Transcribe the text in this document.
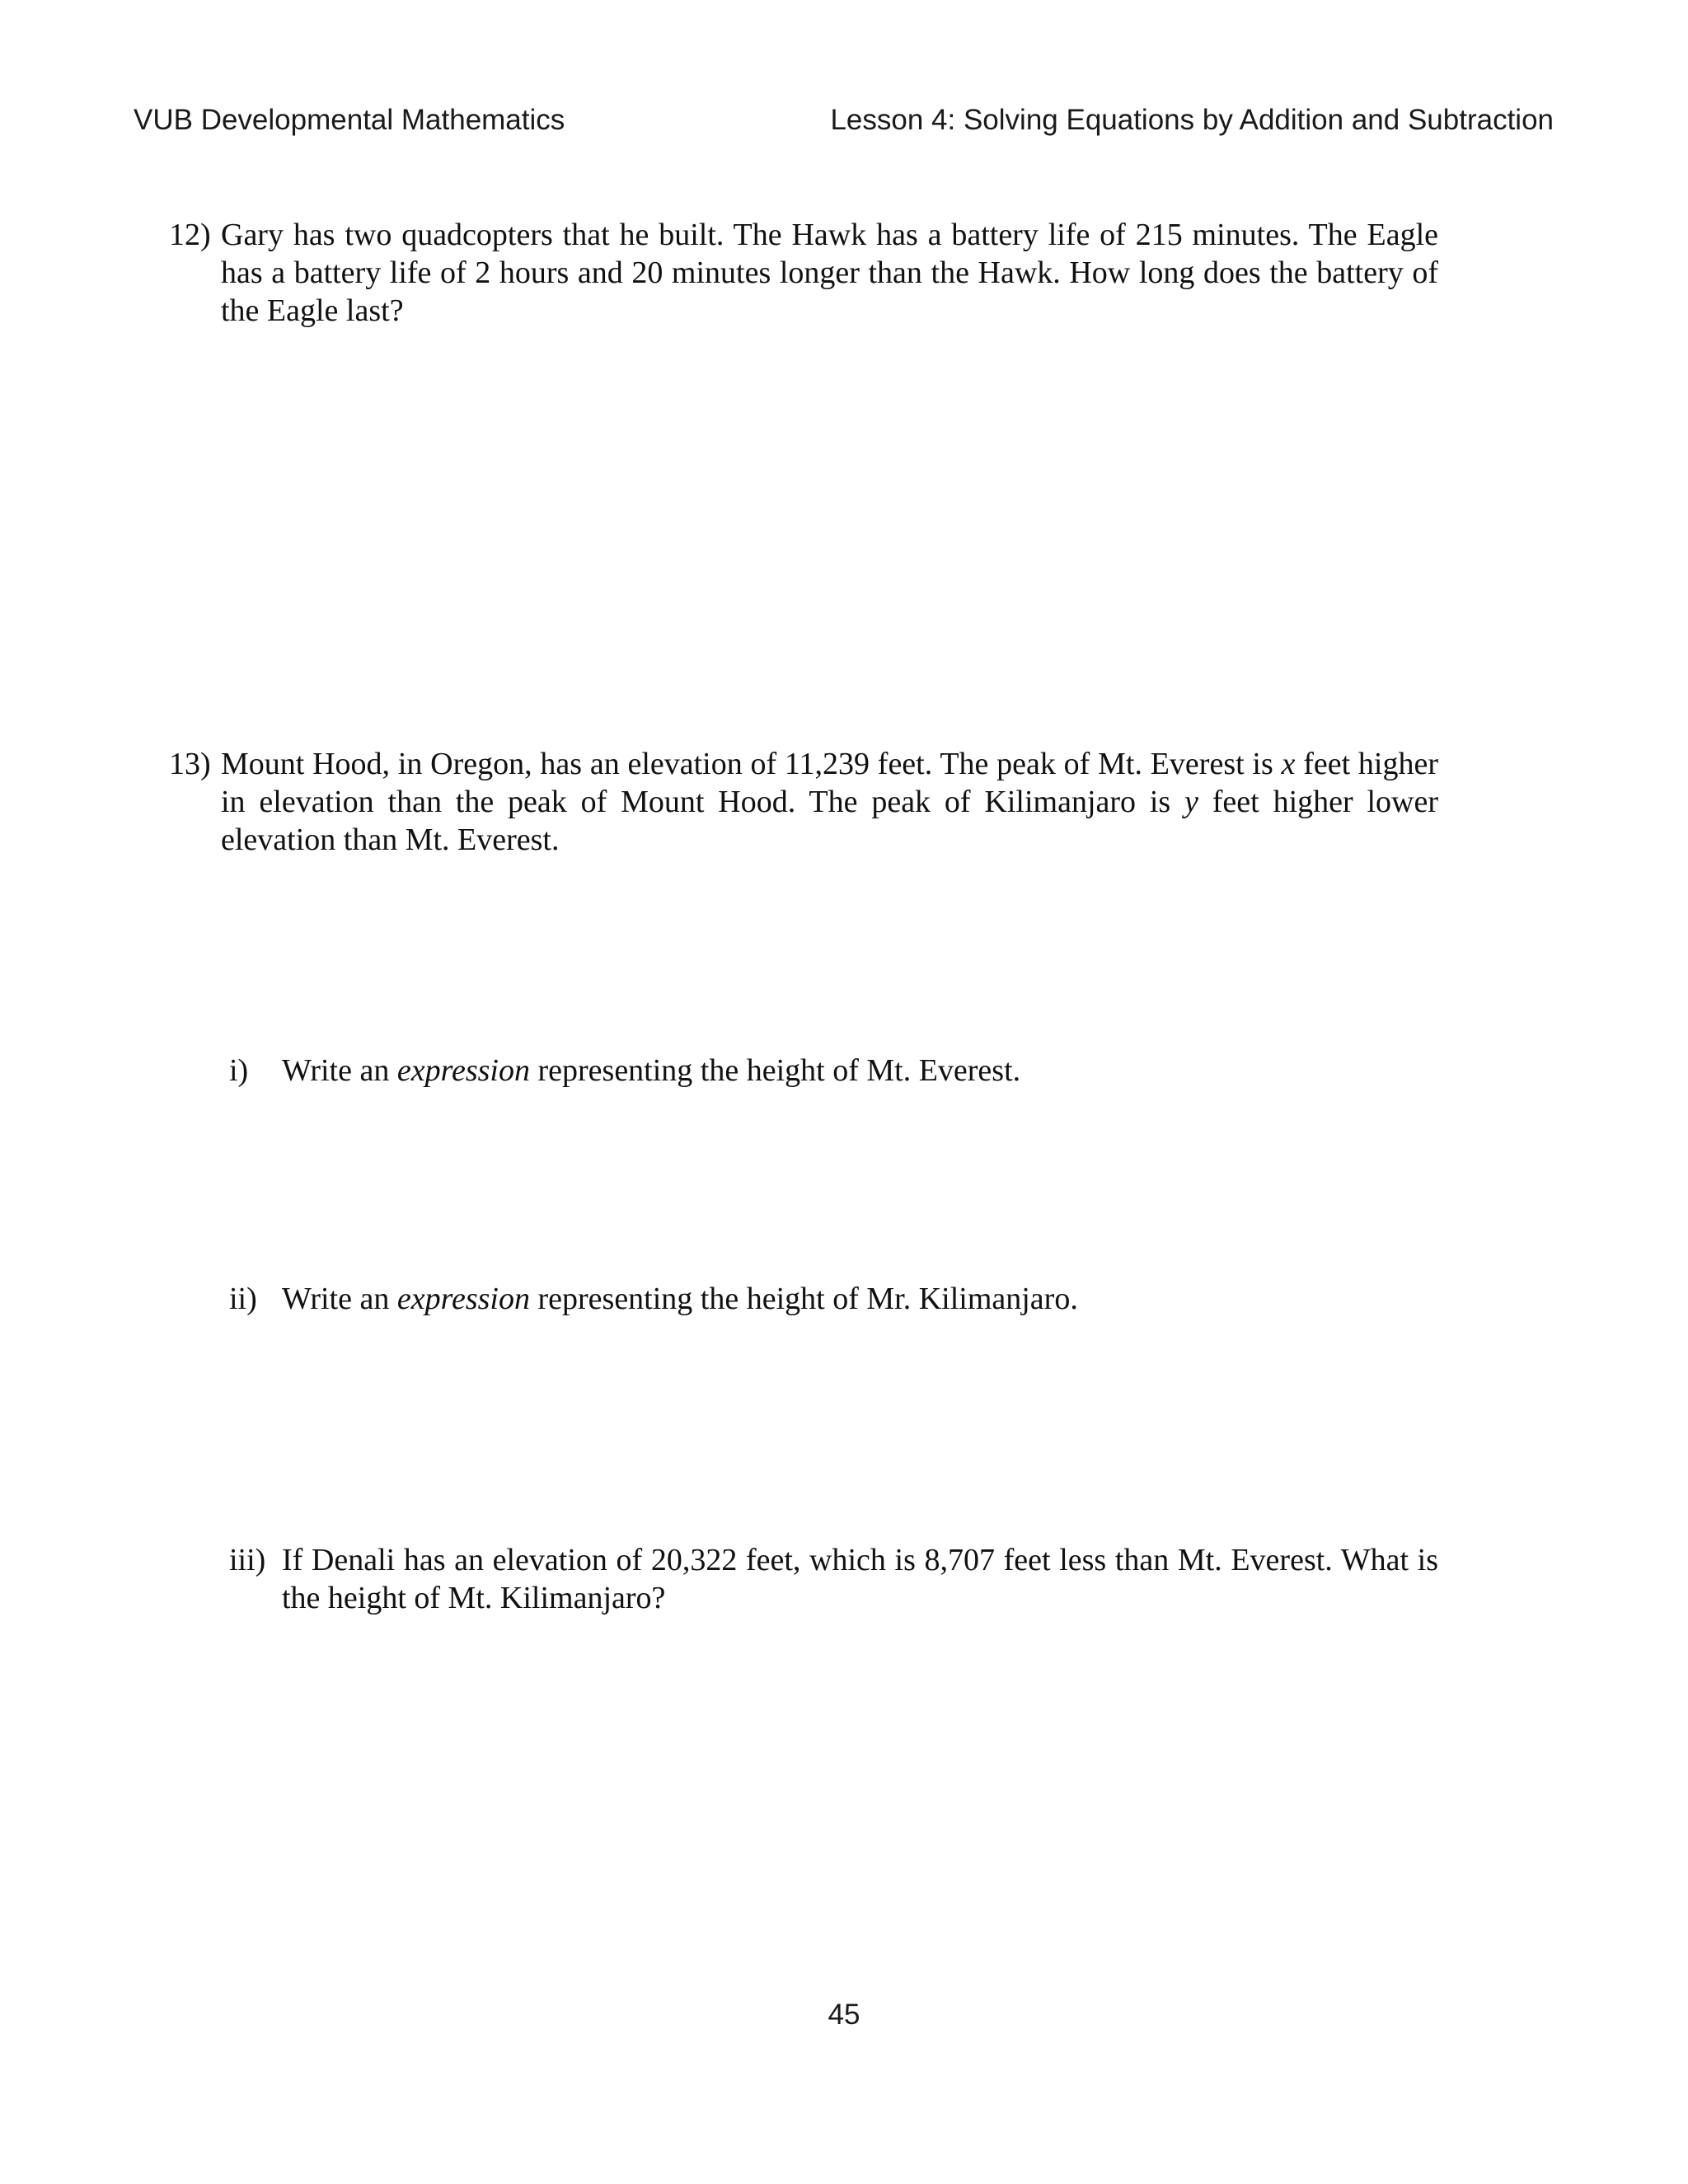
VUB Developmental Mathematics	Lesson 4: Solving Equations by Addition and Subtraction
12) Gary has two quadcopters that he built. The Hawk has a battery life of 215 minutes. The Eagle has a battery life of 2 hours and 20 minutes longer than the Hawk. How long does the battery of the Eagle last?
13) Mount Hood, in Oregon, has an elevation of 11,239 feet. The peak of Mt. Everest is x feet higher in elevation than the peak of Mount Hood. The peak of Kilimanjaro is y feet higher lower elevation than Mt. Everest.
i) Write an expression representing the height of Mt. Everest.
ii) Write an expression representing the height of Mr. Kilimanjaro.
iii) If Denali has an elevation of 20,322 feet, which is 8,707 feet less than Mt. Everest. What is the height of Mt. Kilimanjaro?
45
